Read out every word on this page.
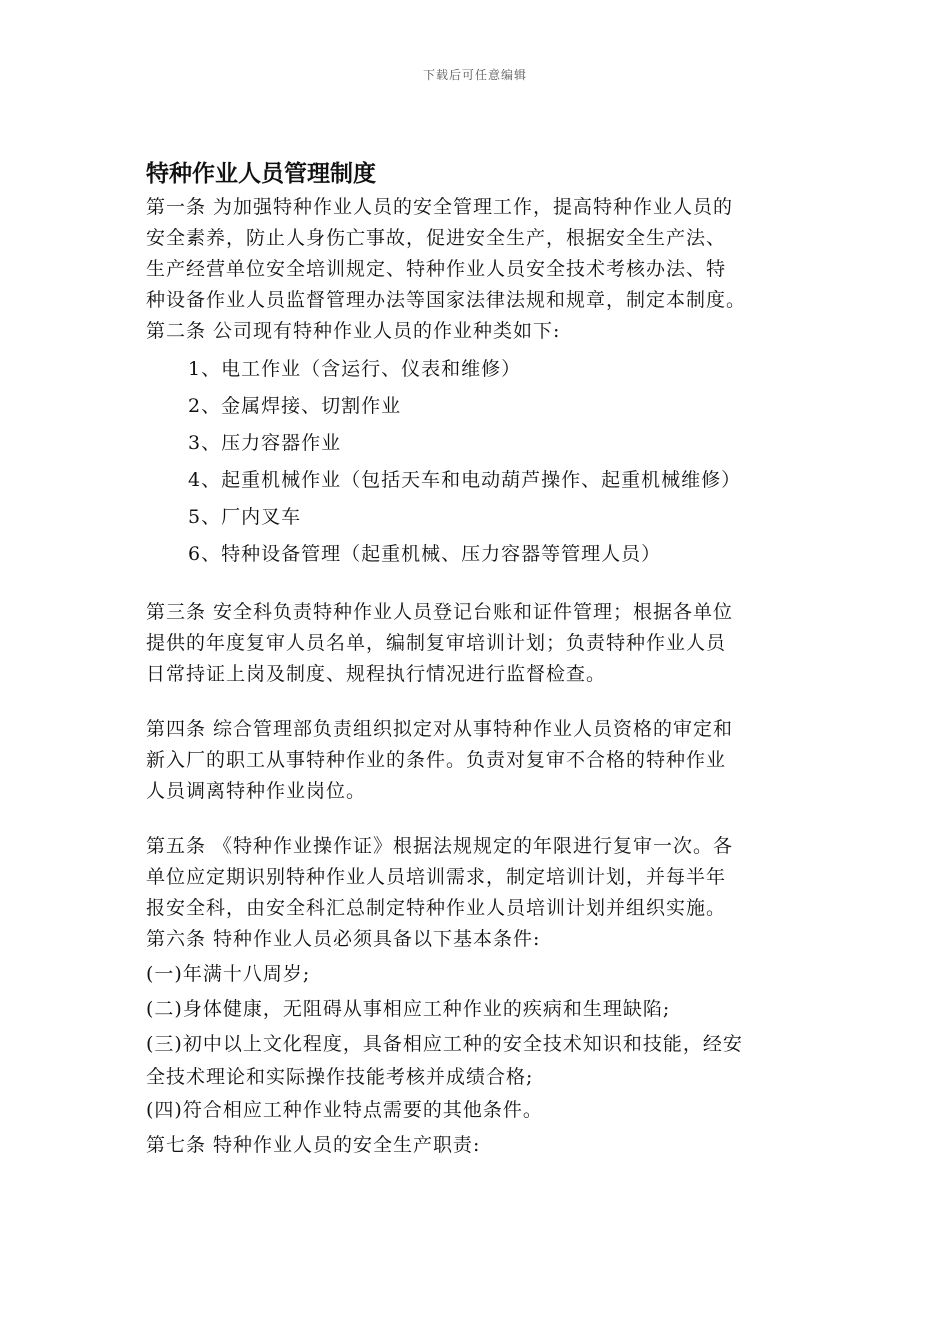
下载后可任意编辑
特种作业人员管理制度
第一条 为加强特种作业人员的安全管理工作，提高特种作业人员的
安全素养，防止人身伤亡事故，促进安全生产，根据安全生产法、
生产经营单位安全培训规定、特种作业人员安全技术考核办法、特
种设备作业人员监督管理办法等国家法律法规和规章，制定本制度。
第二条 公司现有特种作业人员的作业种类如下:
1、电工作业（含运行、仪表和维修）
2、金属焊接、切割作业
3、压力容器作业
4、起重机械作业（包括天车和电动葫芦操作、起重机械维修）
5、厂内叉车
6、特种设备管理（起重机械、压力容器等管理人员）
第三条 安全科负责特种作业人员登记台账和证件管理；根据各单位
提供的年度复审人员名单，编制复审培训计划；负责特种作业人员
日常持证上岗及制度、规程执行情况进行监督检查。
第四条 综合管理部负责组织拟定对从事特种作业人员资格的审定和
新入厂的职工从事特种作业的条件。负责对复审不合格的特种作业
人员调离特种作业岗位。
第五条 《特种作业操作证》根据法规规定的年限进行复审一次。各
单位应定期识别特种作业人员培训需求，制定培训计划，并每半年
报安全科，由安全科汇总制定特种作业人员培训计划并组织实施。
第六条 特种作业人员必须具备以下基本条件:
(一)年满十八周岁;
(二)身体健康，无阻碍从事相应工种作业的疾病和生理缺陷;
(三)初中以上文化程度，具备相应工种的安全技术知识和技能，经安
全技术理论和实际操作技能考核并成绩合格;
(四)符合相应工种作业特点需要的其他条件。
第七条 特种作业人员的安全生产职责:
